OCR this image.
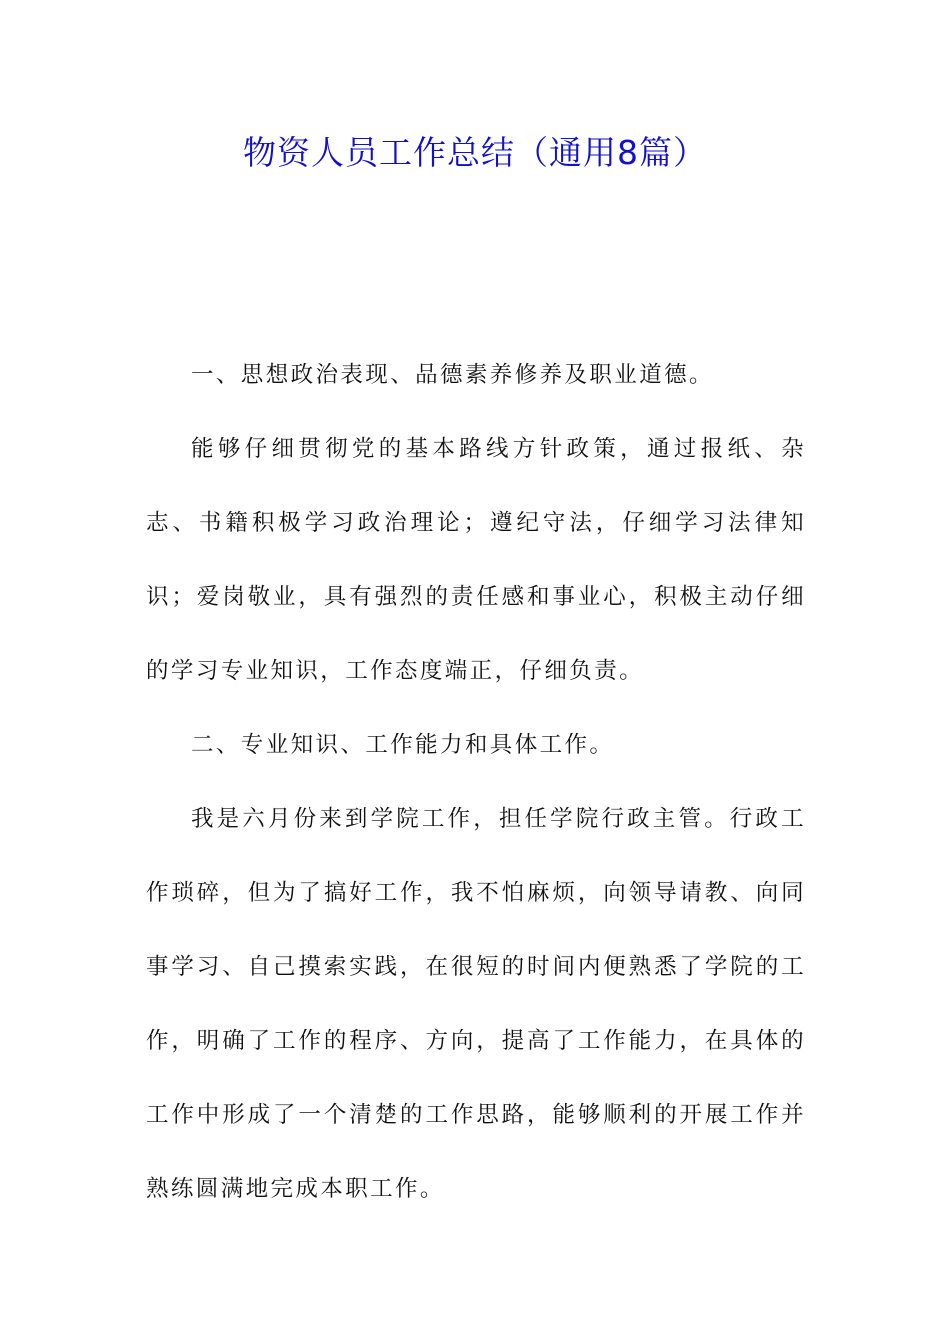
物资人员工作总结（通用8篇）

一、思想政治表现、品德素养修养及职业道德。

能够仔细贯彻党的基本路线方针政策，通过报纸、杂志、书籍积极学习政治理论；遵纪守法，仔细学习法律知识；爱岗敬业，具有强烈的责任感和事业心，积极主动仔细的学习专业知识，工作态度端正，仔细负责。

二、专业知识、工作能力和具体工作。

我是六月份来到学院工作，担任学院行政主管。行政工作琐碎，但为了搞好工作，我不怕麻烦，向领导请教、向同事学习、自己摸索实践，在很短的时间内便熟悉了学院的工作，明确了工作的程序、方向，提高了工作能力，在具体的工作中形成了一个清楚的工作思路，能够顺利的开展工作并熟练圆满地完成本职工作。
